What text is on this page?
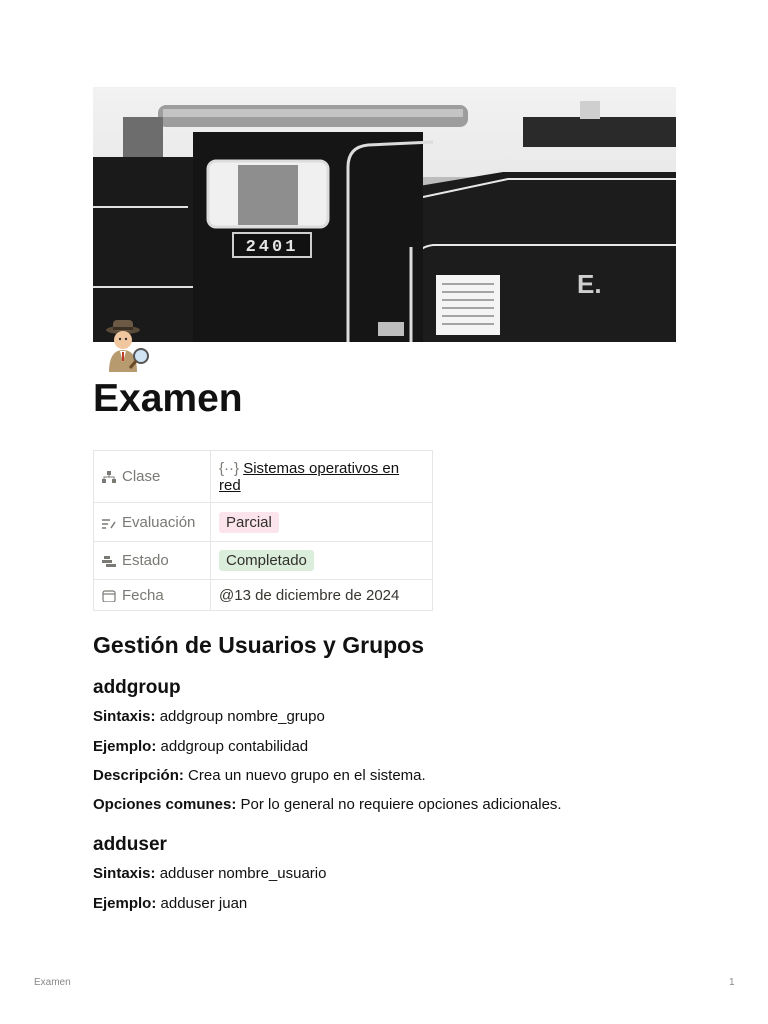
2401
E.
Examen
Clase	{··} Sistemas operativos en red
Evaluación	Parcial
Estado	Completado
Fecha	@13 de diciembre de 2024
Gestión de Usuarios y Grupos
addgroup

Sintaxis: addgroup nombre_grupo

Ejemplo: addgroup contabilidad

Descripción: Crea un nuevo grupo en el sistema.

Opciones comunes: Por lo general no requiere opciones adicionales.

adduser

Sintaxis: adduser nombre_usuario

Ejemplo: adduser juan

Examen	1
